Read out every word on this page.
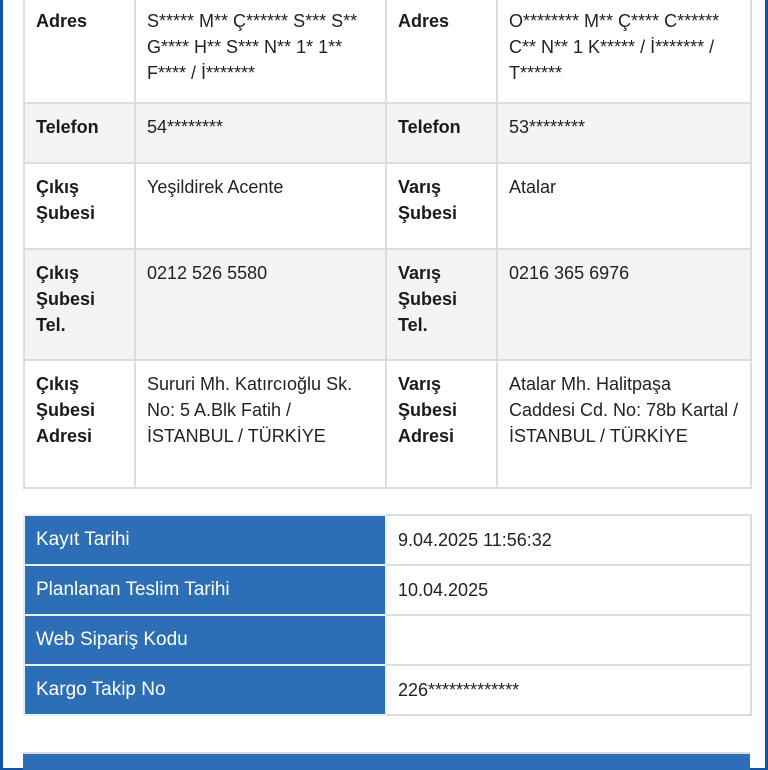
Adres	S***** M** Ç****** S*** S** G**** H** S*** N** 1* 1** F**** / İ*******	Adres	O******** M** Ç**** C****** C** N** 1 K***** / İ******* / T******
Telefon	54********	Telefon	53********
Çıkış Şubesi	Yeşildirek Acente	Varış Şubesi	Atalar
Çıkış Şubesi Tel.	0212 526 5580	Varış Şubesi Tel.	0216 365 6976
Çıkış Şubesi Adresi	Sururi Mh. Katırcıoğlu Sk. No: 5 A.Blk Fatih / İSTANBUL / TÜRKİYE	Varış Şubesi Adresi	Atalar Mh. Halitpaşa Caddesi Cd. No: 78b Kartal / İSTANBUL / TÜRKİYE
Kayıt Tarihi	9.04.2025 11:56:32
Planlanan Teslim Tarihi	10.04.2025
Web Sipariş Kodu	
Kargo Takip No	226*************
